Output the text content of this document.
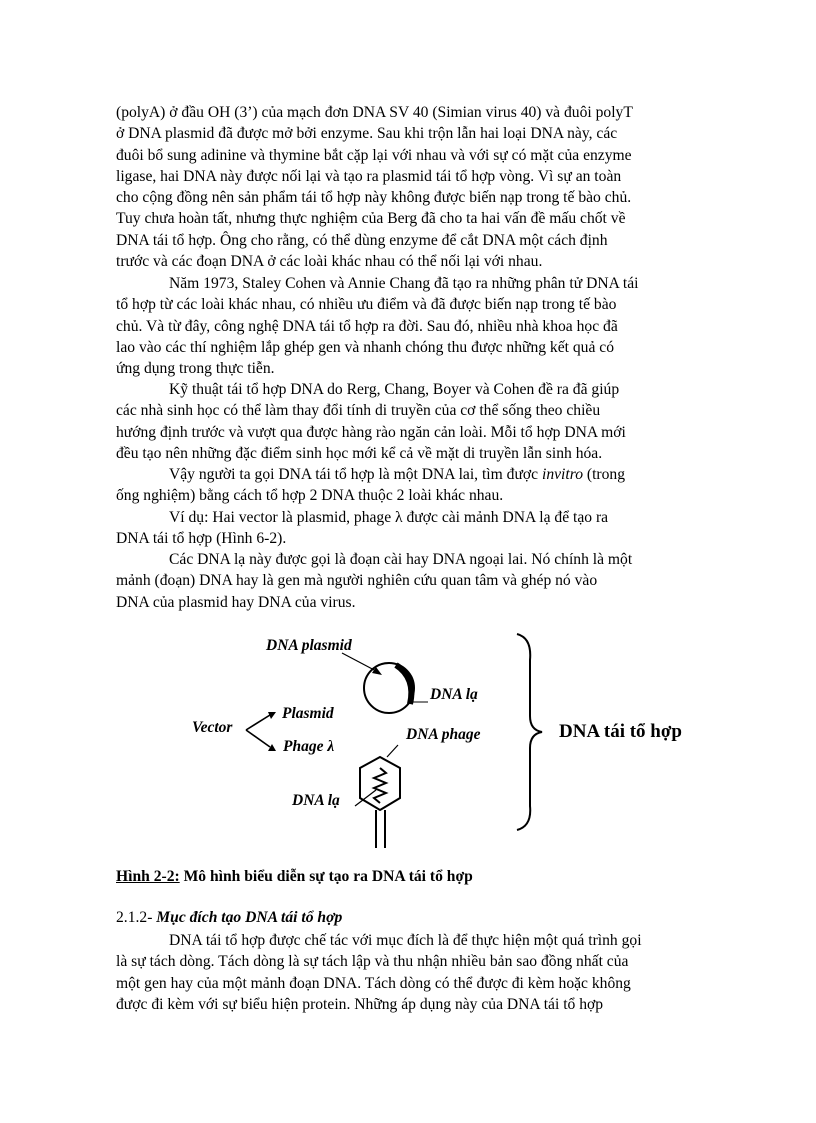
(polyA) ở đầu OH (3’) của mạch đơn DNA SV 40 (Simian virus 40) và đuôi polyT
ở DNA plasmid đã được mở bởi enzyme. Sau khi trộn lẫn hai loại DNA này, các
đuôi bổ sung adinine và thymine bắt cặp lại với nhau và với sự có mặt của enzyme
ligase, hai DNA này được nối lại và tạo ra plasmid tái tổ hợp vòng. Vì sự an toàn
cho cộng đồng nên sản phẩm tái tổ hợp này không được biến nạp trong tế bào chủ.
Tuy chưa hoàn tất, nhưng thực nghiệm của Berg đã cho ta hai vấn đề mấu chốt về
DNA tái tổ hợp. Ông cho rằng, có thể dùng enzyme để cắt DNA một cách định
trước và các đoạn DNA ở các loài khác nhau có thể nối lại với nhau.

Năm 1973, Staley Cohen và Annie Chang đã tạo ra những phân tử DNA tái
tổ hợp từ các loài khác nhau, có nhiều ưu điểm và đã được biến nạp trong tế bào
chủ. Và từ đây, công nghệ DNA tái tổ hợp ra đời. Sau đó, nhiều nhà khoa học đã
lao vào các thí nghiệm lắp ghép gen và nhanh chóng thu được những kết quả có
ứng dụng trong thực tiễn.

Kỹ thuật tái tổ hợp DNA do Rerg, Chang, Boyer và Cohen đề ra đã giúp
các nhà sinh học có thể làm thay đổi tính di truyền của cơ thể sống theo chiều
hướng định trước và vượt qua được hàng rào ngăn cản loài. Mỗi tổ hợp DNA mới
đều tạo nên những đặc điểm sinh học mới kể cả về mặt di truyền lẫn sinh hóa.

Vậy người ta gọi DNA tái tổ hợp là một DNA lai, tìm được invitro (trong
ống nghiệm) bằng cách tổ hợp 2 DNA thuộc 2 loài khác nhau.

Ví dụ: Hai vector là plasmid, phage λ được cài mảnh DNA lạ để tạo ra
DNA tái tổ hợp (Hình 6-2).

Các DNA lạ này được gọi là đoạn cài hay DNA ngoại lai. Nó chính là một
mảnh (đoạn) DNA hay là gen mà người nghiên cứu quan tâm và ghép nó vào
DNA của plasmid hay DNA của virus.

DNA plasmid
DNA lạ
Vector
Plasmid
Phage λ
DNA phage
DNA lạ
DNA tái tổ hợp
Hình 2-2: Mô hình biểu diễn sự tạo ra DNA tái tổ hợp
2.1.2- Mục đích tạo DNA tái tổ hợp

DNA tái tổ hợp được chế tác với mục đích là để thực hiện một quá trình gọi
là sự tách dòng. Tách dòng là sự tách lập và thu nhận nhiều bản sao đồng nhất của
một gen hay của một mảnh đoạn DNA. Tách dòng có thể được đi kèm hoặc không
được đi kèm với sự biểu hiện protein. Những áp dụng này của DNA tái tổ hợp
